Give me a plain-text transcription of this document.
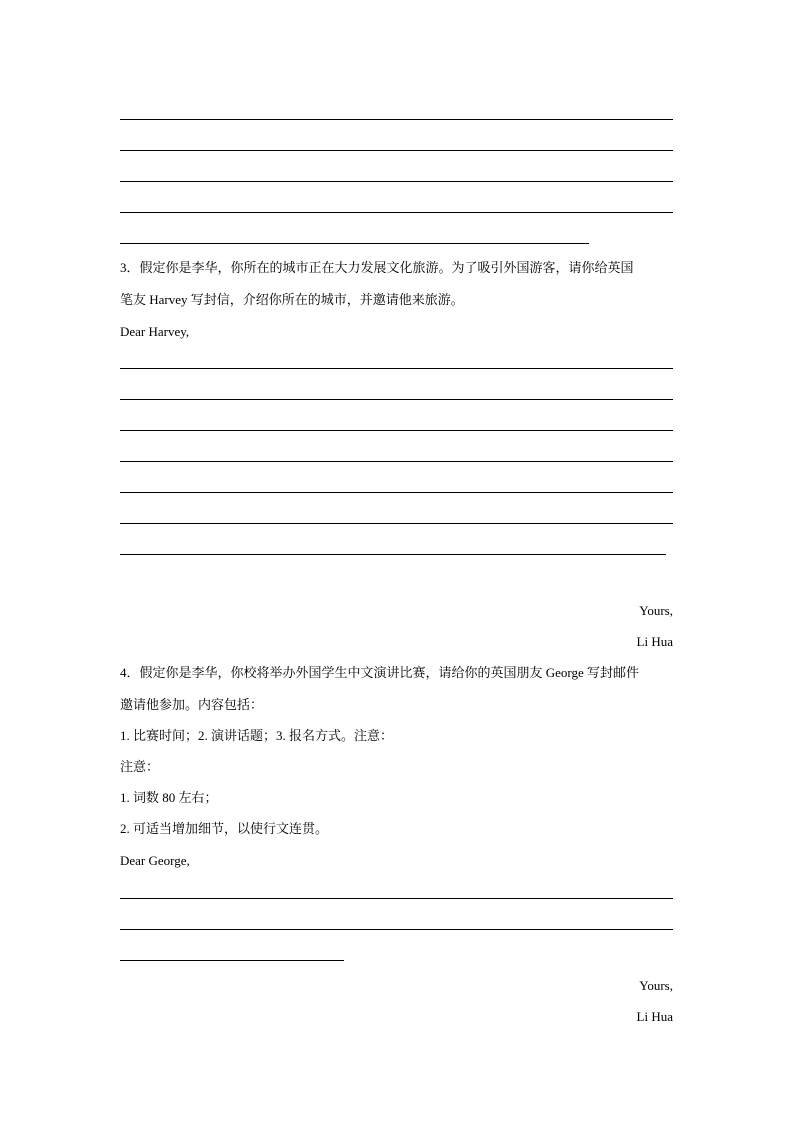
3．假定你是李华，你所在的城市正在大力发展文化旅游。为了吸引外国游客，请你给英国
笔友 Harvey 写封信，介绍你所在的城市，并邀请他来旅游。
Dear Harvey,
Yours,
Li Hua
4．假定你是李华，你校将举办外国学生中文演讲比赛，请给你的英国朋友 George 写封邮件
邀请他参加。内容包括：
1. 比赛时间；2. 演讲话题；3. 报名方式。注意：
注意：
1. 词数 80 左右；
2. 可适当增加细节，以使行文连贯。
Dear George,
Yours,
Li Hua
